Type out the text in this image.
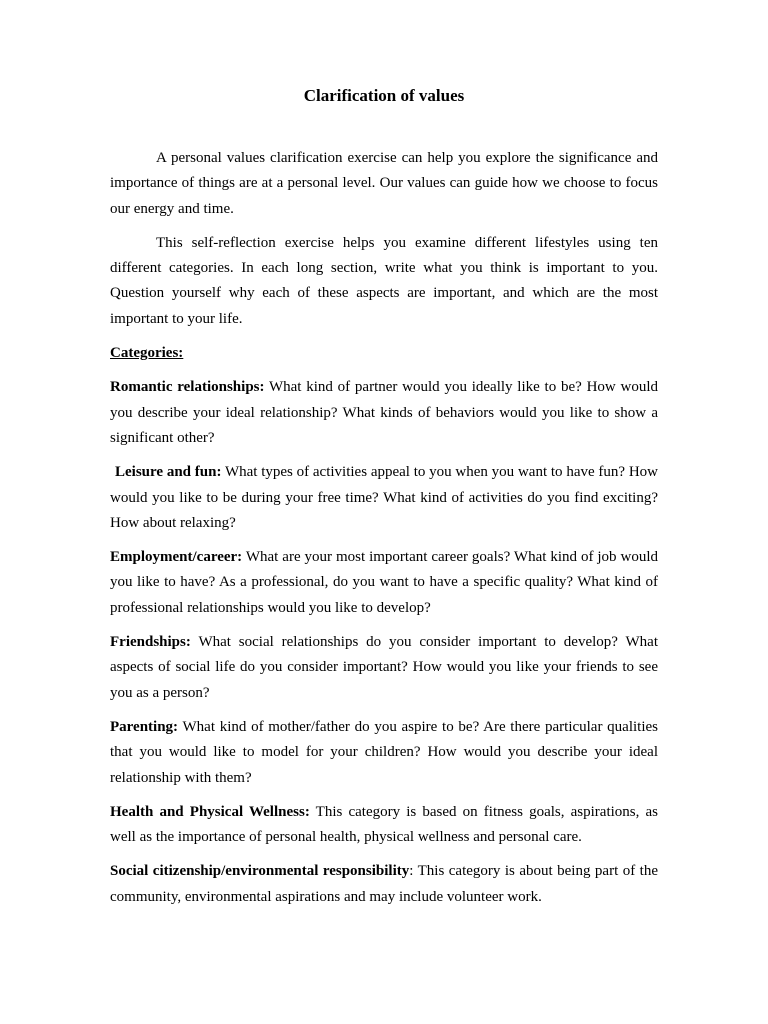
Clarification of values

A personal values clarification exercise can help you explore the significance and importance of things are at a personal level. Our values can guide how we choose to focus our energy and time.

This self-reflection exercise helps you examine different lifestyles using ten different categories. In each long section, write what you think is important to you. Question yourself why each of these aspects are important, and which are the most important to your life.

Categories:

Romantic relationships: What kind of partner would you ideally like to be? How would you describe your ideal relationship? What kinds of behaviors would you like to show a significant other?

Leisure and fun: What types of activities appeal to you when you want to have fun? How would you like to be during your free time? What kind of activities do you find exciting? How about relaxing?

Employment/career: What are your most important career goals? What kind of job would you like to have? As a professional, do you want to have a specific quality? What kind of professional relationships would you like to develop?

Friendships: What social relationships do you consider important to develop? What aspects of social life do you consider important? How would you like your friends to see you as a person?

Parenting: What kind of mother/father do you aspire to be? Are there particular qualities that you would like to model for your children? How would you describe your ideal relationship with them?

Health and Physical Wellness: This category is based on fitness goals, aspirations, as well as the importance of personal health, physical wellness and personal care.

Social citizenship/environmental responsibility: This category is about being part of the community, environmental aspirations and may include volunteer work.
